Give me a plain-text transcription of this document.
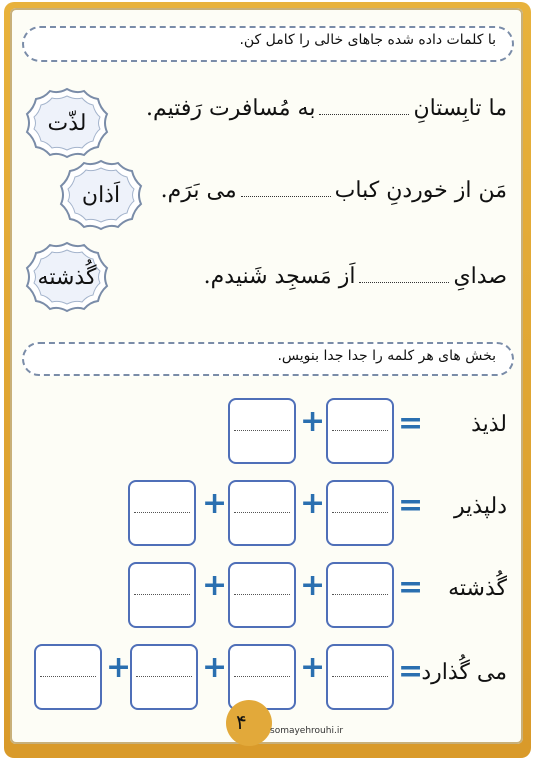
با کلمات داده شده جاهای خالی را کامل کن.
ما تابِستانِبه مُسافرت رَفتیم.
مَن از خوردنِ کبابمی بَرَم.
صدایِاَز مَسجِد شَنیدم.
لذّت
اَذان
گُذشته
بخش های هر کلمه را جدا جدا بنویس.
لذیذ
=
+
دلپذیر
=
+
+
گُذشته
=
+
+
می گُذارد
=
+
+
+
۴	somayehrouhi.ir
